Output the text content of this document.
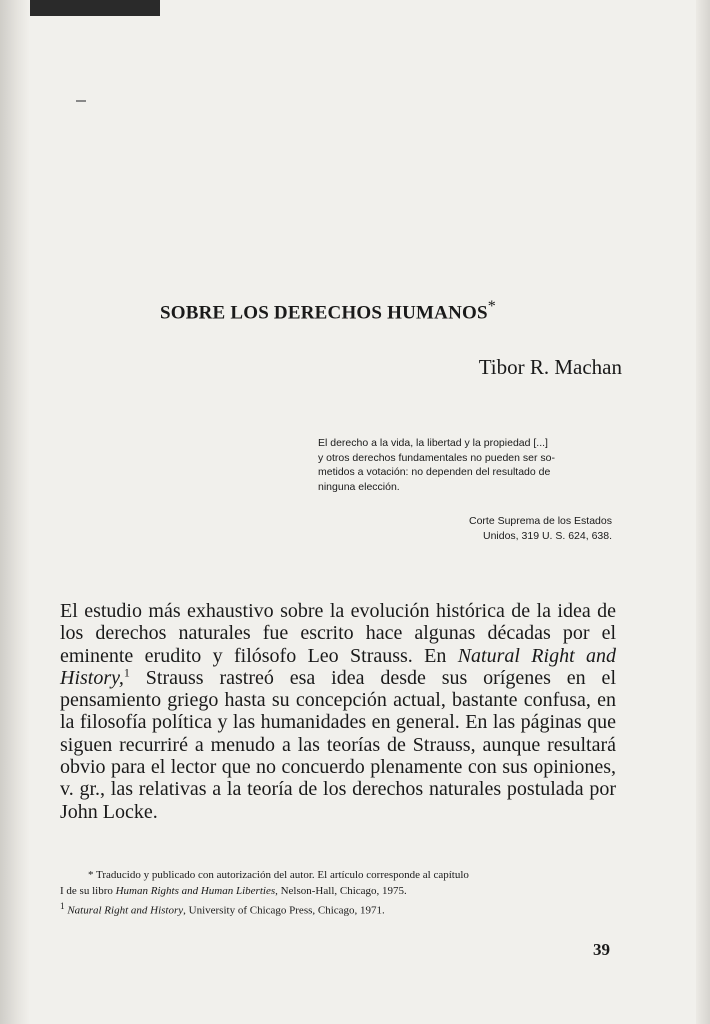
SOBRE LOS DERECHOS HUMANOS*
Tibor R. Machan

El derecho a la vida, la libertad y la propiedad [...]

y otros derechos fundamentales no pueden ser so-

metidos a votación: no dependen del resultado de

ninguna elección.

Corte Suprema de los Estados

Unidos, 319 U. S. 624, 638.

El estudio más exhaustivo sobre la evolución histórica de la idea de los derechos naturales fue escrito hace algunas décadas por el eminente erudito y filósofo Leo Strauss. En Natural Right and History,$^1$ Strauss rastreó esa idea desde sus orígenes en el pensamiento griego hasta su concepción actual, bastante confusa, en la filosofía política y las humanidades en general. En las páginas que siguen recurriré a menudo a las teorías de Strauss, aunque resultará obvio para el lector que no concuerdo plenamente con sus opiniones, v. gr., las relativas a la teoría de los derechos naturales postulada por John Locke.

* Traducido y publicado con autorización del autor. El artículo corresponde al capítulo

I de su libro Human Rights and Human Liberties, Nelson-Hall, Chicago, 1975.

$^1$ Natural Right and History, University of Chicago Press, Chicago, 1971.

39
